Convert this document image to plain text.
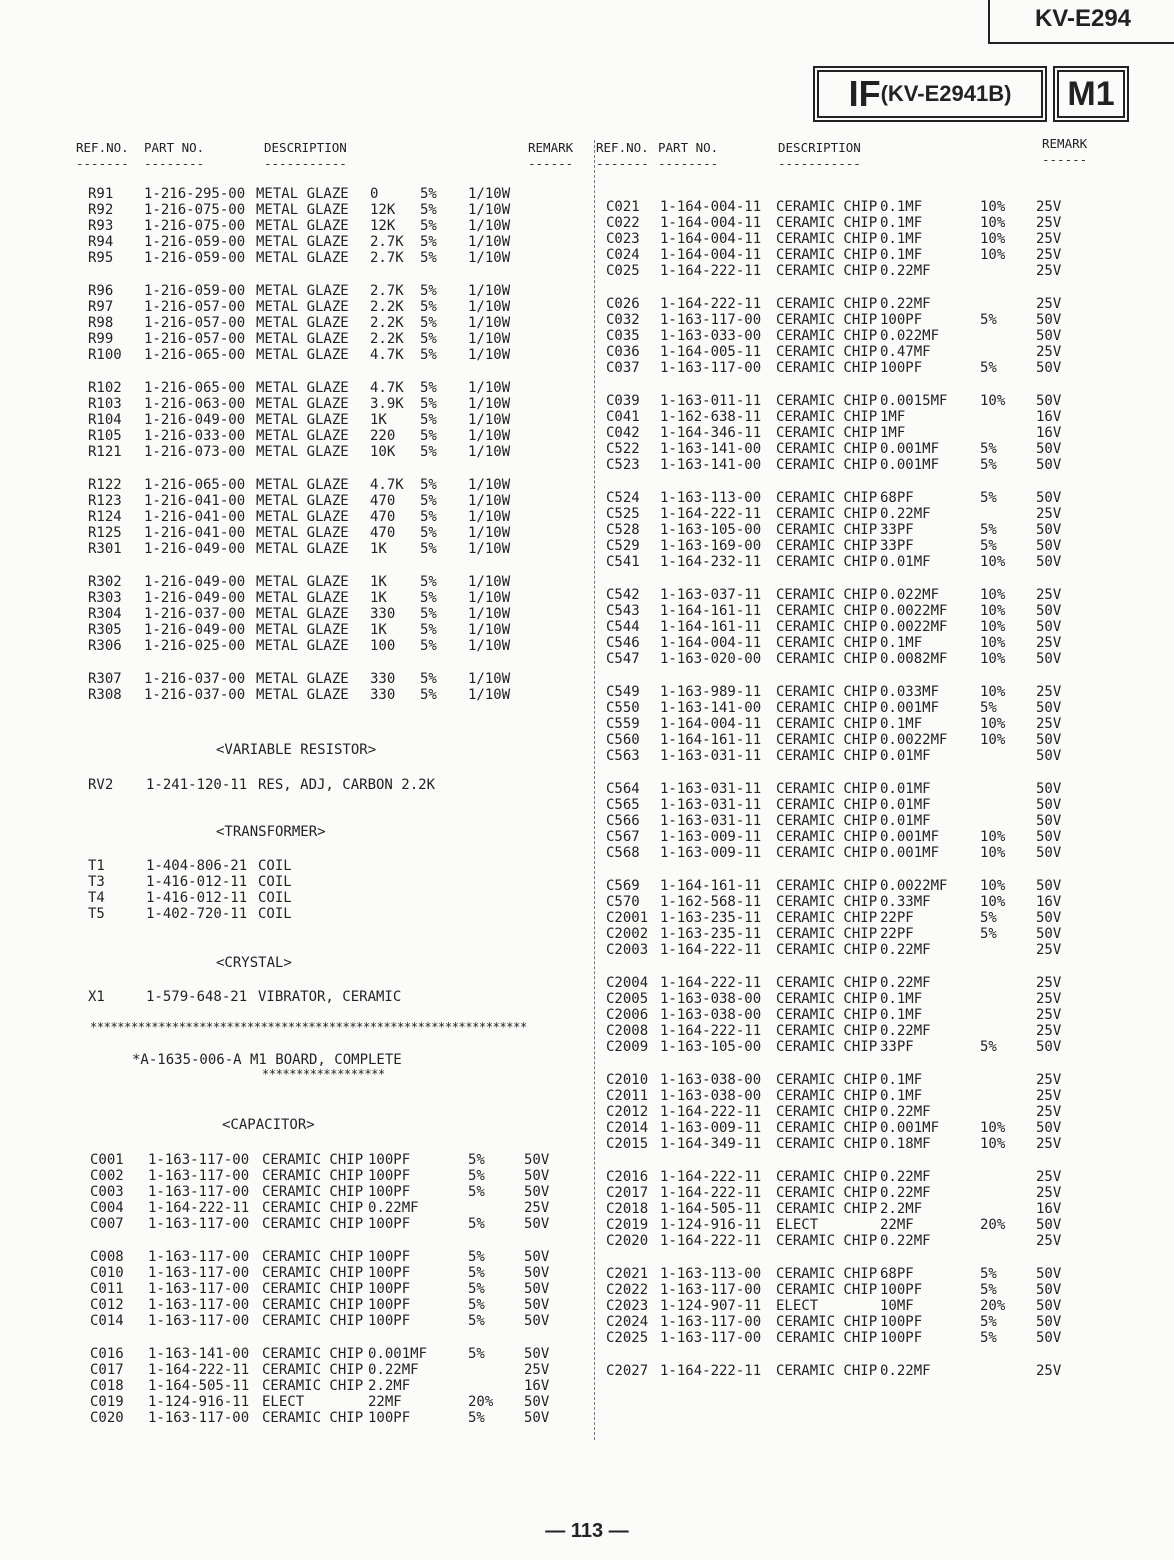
KV-E294
IF (KV-E2941B)	M1
REF.NO. PART NO.	DESCRIPTION	REMARK REF.NO. PART NO.	DESCRIPTION	REMARK
------- --------	-----------	------ ------- --------	-----------	------
R91 1-216-295-00 METAL GLAZE 0	5% 1/10W
R92 1-216-075-00 METAL GLAZE 12K 5% 1/10W
R93 1-216-075-00 METAL GLAZE 12K 5% 1/10W
R94 1-216-059-00 METAL GLAZE 2.7K 5% 1/10W
R95 1-216-059-00 METAL GLAZE 2.7K 5% 1/10W
R96 1-216-059-00 METAL GLAZE 2.7K 5% 1/10W
R97 1-216-057-00 METAL GLAZE 2.2K 5% 1/10W
R98 1-216-057-00 METAL GLAZE 2.2K 5% 1/10W
R99 1-216-057-00 METAL GLAZE 2.2K 5% 1/10W
R100 1-216-065-00 METAL GLAZE 4.7K 5% 1/10W
R102 1-216-065-00 METAL GLAZE 4.7K 5% 1/10W
R103 1-216-063-00 METAL GLAZE 3.9K 5% 1/10W
R104 1-216-049-00 METAL GLAZE 1K 5% 1/10W
R105 1-216-033-00 METAL GLAZE 220 5% 1/10W
R121 1-216-073-00 METAL GLAZE 10K 5% 1/10W
R122 1-216-065-00 METAL GLAZE 4.7K 5% 1/10W
R123 1-216-041-00 METAL GLAZE 470 5% 1/10W
R124 1-216-041-00 METAL GLAZE 470 5% 1/10W
R125 1-216-041-00 METAL GLAZE 470 5% 1/10W
R301 1-216-049-00 METAL GLAZE 1K 5% 1/10W
R302 1-216-049-00 METAL GLAZE 1K 5% 1/10W
R303 1-216-049-00 METAL GLAZE 1K 5% 1/10W
R304 1-216-037-00 METAL GLAZE 330 5% 1/10W
R305 1-216-049-00 METAL GLAZE 1K 5% 1/10W
R306 1-216-025-00 METAL GLAZE 100 5% 1/10W
R307 1-216-037-00 METAL GLAZE 330 5% 1/10W
R308 1-216-037-00 METAL GLAZE 330 5% 1/10W
<VARIABLE RESISTOR>
RV2 1-241-120-11 RES, ADJ, CARBON 2.2K
<TRANSFORMER>
T1	1-404-806-21 COIL
T3	1-416-012-11 COIL
T4	1-416-012-11 COIL
T5	1-402-720-11 COIL
<CRYSTAL>
X1	1-579-648-21 VIBRATOR, CERAMIC
****************************************************************
*A-1635-006-A M1 BOARD, COMPLETE
******************
<CAPACITOR>
C001 1-163-117-00 CERAMIC CHIP 100PF	5%	50V
C002 1-163-117-00 CERAMIC CHIP 100PF	5%	50V
C003 1-163-117-00 CERAMIC CHIP 100PF	5%	50V
C004 1-164-222-11 CERAMIC CHIP 0.22MF	25V
C007 1-163-117-00 CERAMIC CHIP 100PF	5%	50V
C008 1-163-117-00 CERAMIC CHIP 100PF	5%	50V
C010 1-163-117-00 CERAMIC CHIP 100PF	5%	50V
C011 1-163-117-00 CERAMIC CHIP 100PF	5%	50V
C012 1-163-117-00 CERAMIC CHIP 100PF	5%	50V
C014 1-163-117-00 CERAMIC CHIP 100PF	5%	50V
C016 1-163-141-00 CERAMIC CHIP 0.001MF	5%	50V
C017 1-164-222-11 CERAMIC CHIP 0.22MF	25V
C018 1-164-505-11 CERAMIC CHIP 2.2MF	16V
C019 1-124-916-11 ELECT	22MF	20% 50V
C020 1-163-117-00 CERAMIC CHIP 100PF	5%	50V
C021 1-164-004-11 CERAMIC CHIP 0.1MF	10% 25V
C022 1-164-004-11 CERAMIC CHIP 0.1MF	10% 25V
C023 1-164-004-11 CERAMIC CHIP 0.1MF	10% 25V
C024 1-164-004-11 CERAMIC CHIP 0.1MF	10% 25V
C025 1-164-222-11 CERAMIC CHIP 0.22MF	25V
C026 1-164-222-11 CERAMIC CHIP 0.22MF	25V
C032 1-163-117-00 CERAMIC CHIP 100PF	5%	50V
C035 1-163-033-00 CERAMIC CHIP 0.022MF	50V
C036 1-164-005-11 CERAMIC CHIP 0.47MF	25V
C037 1-163-117-00 CERAMIC CHIP 100PF	5%	50V
C039 1-163-011-11 CERAMIC CHIP 0.0015MF 10% 50V
C041 1-162-638-11 CERAMIC CHIP 1MF	16V
C042 1-164-346-11 CERAMIC CHIP 1MF	16V
C522 1-163-141-00 CERAMIC CHIP 0.001MF	5%	50V
C523 1-163-141-00 CERAMIC CHIP 0.001MF	5%	50V
C524 1-163-113-00 CERAMIC CHIP 68PF	5%	50V
C525 1-164-222-11 CERAMIC CHIP 0.22MF	25V
C528 1-163-105-00 CERAMIC CHIP 33PF	5%	50V
C529 1-163-169-00 CERAMIC CHIP 33PF	5%	50V
C541 1-164-232-11 CERAMIC CHIP 0.01MF	10% 50V
C542 1-163-037-11 CERAMIC CHIP 0.022MF	10% 25V
C543 1-164-161-11 CERAMIC CHIP 0.0022MF 10% 50V
C544 1-164-161-11 CERAMIC CHIP 0.0022MF 10% 50V
C546 1-164-004-11 CERAMIC CHIP 0.1MF	10% 25V
C547 1-163-020-00 CERAMIC CHIP 0.0082MF 10% 50V
C549 1-163-989-11 CERAMIC CHIP 0.033MF	10% 25V
C550 1-163-141-00 CERAMIC CHIP 0.001MF	5%	50V
C559 1-164-004-11 CERAMIC CHIP 0.1MF	10% 25V
C560 1-164-161-11 CERAMIC CHIP 0.0022MF 10% 50V
C563 1-163-031-11 CERAMIC CHIP 0.01MF	50V
C564 1-163-031-11 CERAMIC CHIP 0.01MF	50V
C565 1-163-031-11 CERAMIC CHIP 0.01MF	50V
C566 1-163-031-11 CERAMIC CHIP 0.01MF	50V
C567 1-163-009-11 CERAMIC CHIP 0.001MF	10% 50V
C568 1-163-009-11 CERAMIC CHIP 0.001MF	10% 50V
C569 1-164-161-11 CERAMIC CHIP 0.0022MF 10% 50V
C570 1-162-568-11 CERAMIC CHIP 0.33MF	10% 16V
C2001 1-163-235-11 CERAMIC CHIP 22PF	5%	50V
C2002 1-163-235-11 CERAMIC CHIP 22PF	5%	50V
C2003 1-164-222-11 CERAMIC CHIP 0.22MF	25V
C2004 1-164-222-11 CERAMIC CHIP 0.22MF	25V
C2005 1-163-038-00 CERAMIC CHIP 0.1MF	25V
C2006 1-163-038-00 CERAMIC CHIP 0.1MF	25V
C2008 1-164-222-11 CERAMIC CHIP 0.22MF	25V
C2009 1-163-105-00 CERAMIC CHIP 33PF	5%	50V
C2010 1-163-038-00 CERAMIC CHIP 0.1MF	25V
C2011 1-163-038-00 CERAMIC CHIP 0.1MF	25V
C2012 1-164-222-11 CERAMIC CHIP 0.22MF	25V
C2014 1-163-009-11 CERAMIC CHIP 0.001MF	10% 50V
C2015 1-164-349-11 CERAMIC CHIP 0.18MF	10% 25V
C2016 1-164-222-11 CERAMIC CHIP 0.22MF	25V
C2017 1-164-222-11 CERAMIC CHIP 0.22MF	25V
C2018 1-164-505-11 CERAMIC CHIP 2.2MF	16V
C2019 1-124-916-11 ELECT	22MF	20% 50V
C2020 1-164-222-11 CERAMIC CHIP 0.22MF	25V
C2021 1-163-113-00 CERAMIC CHIP 68PF	5%	50V
C2022 1-163-117-00 CERAMIC CHIP 100PF	5%	50V
C2023 1-124-907-11 ELECT	10MF	20% 50V
C2024 1-163-117-00 CERAMIC CHIP 100PF	5%	50V
C2025 1-163-117-00 CERAMIC CHIP 100PF	5%	50V
C2027 1-164-222-11 CERAMIC CHIP 0.22MF	25V
— 113 —
